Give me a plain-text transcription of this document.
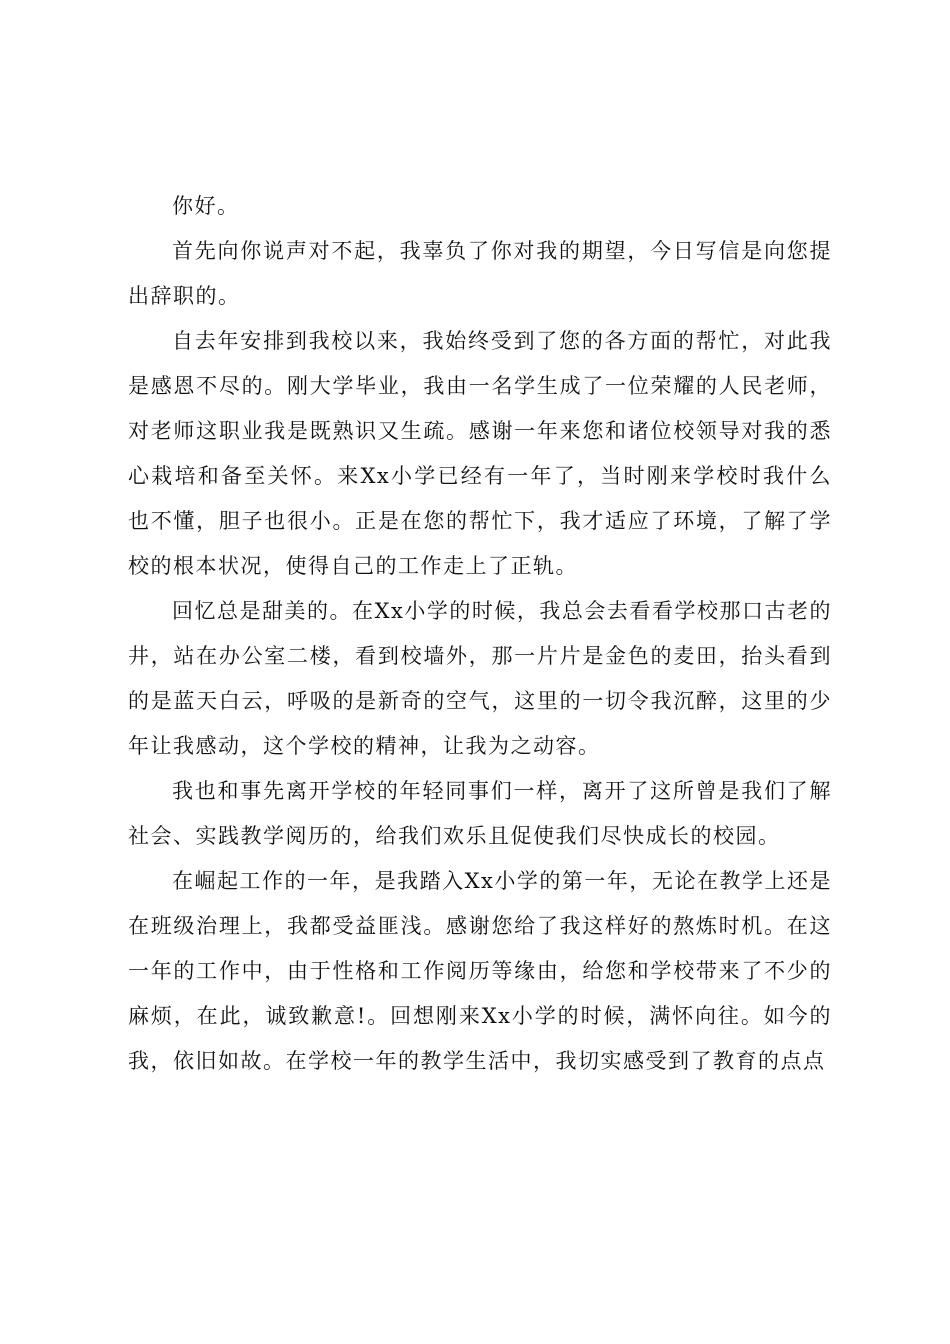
你好。

首先向你说声对不起，我辜负了你对我的期望，今日写信是向您提出辞职的。

自去年安排到我校以来，我始终受到了您的各方面的帮忙，对此我是感恩不尽的。刚大学毕业，我由一名学生成了一位荣耀的人民老师，对老师这职业我是既熟识又生疏。感谢一年来您和诸位校领导对我的悉心栽培和备至关怀。来Xx小学已经有一年了，当时刚来学校时我什么也不懂，胆子也很小。正是在您的帮忙下，我才适应了环境，了解了学校的根本状况，使得自己的工作走上了正轨。

回忆总是甜美的。在Xx小学的时候，我总会去看看学校那口古老的井，站在办公室二楼，看到校墙外，那一片片是金色的麦田，抬头看到的是蓝天白云，呼吸的是新奇的空气，这里的一切令我沉醉，这里的少年让我感动，这个学校的精神，让我为之动容。

我也和事先离开学校的年轻同事们一样，离开了这所曾是我们了解社会、实践教学阅历的，给我们欢乐且促使我们尽快成长的校园。

在崛起工作的一年，是我踏入Xx小学的第一年，无论在教学上还是在班级治理上，我都受益匪浅。感谢您给了我这样好的熬炼时机。在这一年的工作中，由于性格和工作阅历等缘由，给您和学校带来了不少的麻烦，在此，诚致歉意!。回想刚来Xx小学的时候，满怀向往。如今的我，依旧如故。在学校一年的教学生活中，我切实感受到了教育的点点
